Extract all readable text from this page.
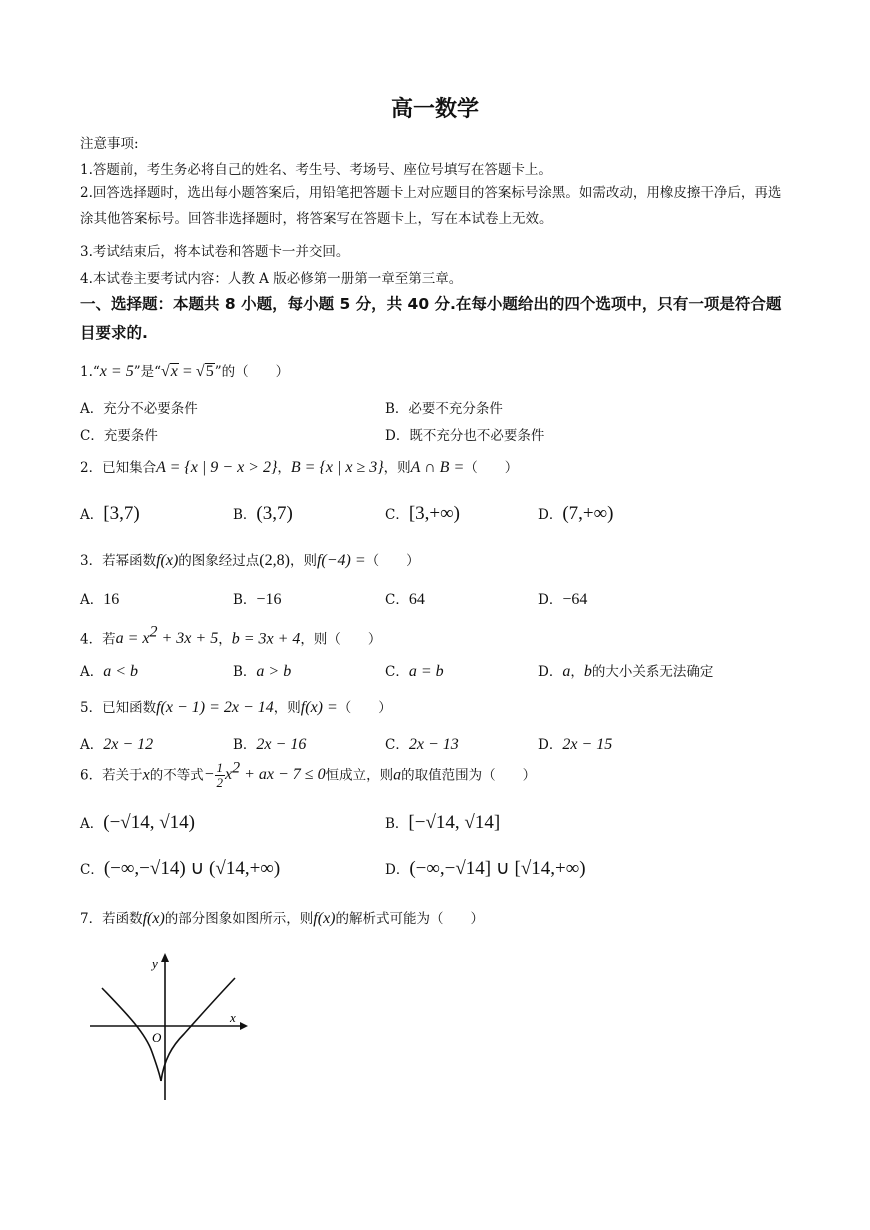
高一数学
注意事项:
1.答题前，考生务必将自己的姓名、考生号、考场号、座位号填写在答题卡上。
2.回答选择题时，选出每小题答案后，用铅笔把答题卡上对应题目的答案标号涂黑。如需改动，用橡皮擦干净后，再选涂其他答案标号。回答非选择题时，将答案写在答题卡上，写在本试卷上无效。
3.考试结束后，将本试卷和答题卡一并交回。
4.本试卷主要考试内容：人教 A 版必修第一册第一章至第三章。
一、选择题：本题共 8 小题，每小题 5 分，共 40 分.在每小题给出的四个选项中，只有一项是符合题目要求的.
1.“x = 5”是“√x = √5”的（　　）
A．充分不必要条件	B．必要不充分条件
C．充要条件	D．既不充分也不必要条件
2．已知集合A = {x | 9 − x > 2}，B = {x | x ≥ 3}，则A ∩ B =（　　）
A．[3,7)	B．(3,7)	C．[3,+∞)	D．(7,+∞)
3．若幂函数f(x)的图象经过点(2,8)，则f(−4) =（　　）
A．16	B．−16	C．64	D．−64
4．若$a = x^2 + 3x + 5$，b = 3x + 4，则（　　）
A．a < b	B．a > b	C．a = b	D．a，b的大小关系无法确定
5．已知函数f(x − 1) = 2x − 14，则f(x) =（　　）
A．2x − 12	B．2x − 16	C．2x − 13	D．2x − 15
6．若关于x的不等式− $\frac{1}{2} x^2$ + ax − 7 ≤ 0恒成立，则a的取值范围为（　　）
A．(−√14, √14)	B．[−√14, √14]
C．(−∞,−√14) ∪ (√14,+∞)	D．(−∞,−√14] ∪ [√14,+∞)
7．若函数f(x)的部分图象如图所示，则f(x)的解析式可能为（　　）
y
x
O
